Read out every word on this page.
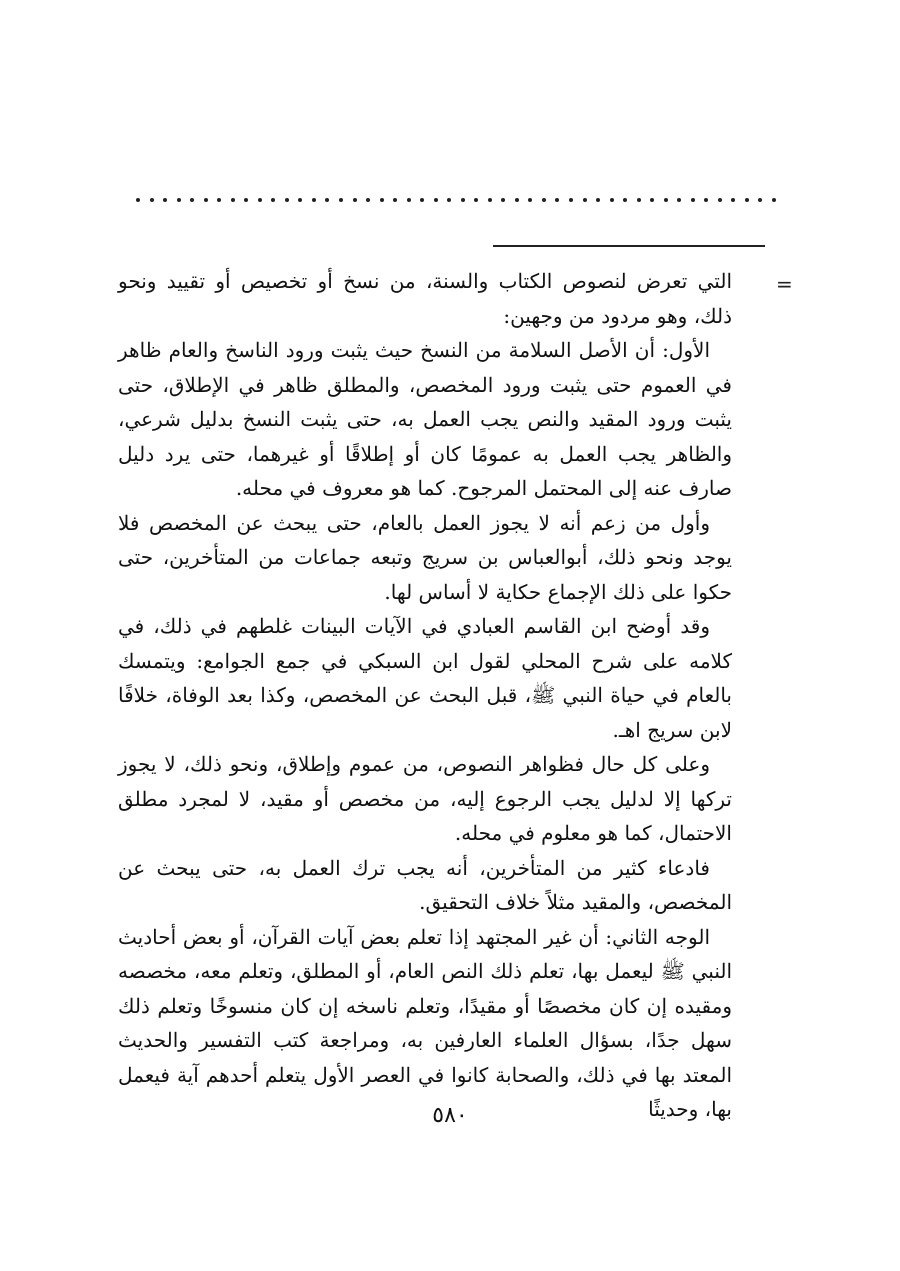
=

التي تعرض لنصوص الكتاب والسنة، من نسخ أو تخصيص أو تقييد ونحو ذلك، وهو مردود من وجهين:

الأول: أن الأصل السلامة من النسخ حيث يثبت ورود الناسخ والعام ظاهر في العموم حتى يثبت ورود المخصص، والمطلق ظاهر في الإطلاق، حتى يثبت ورود المقيد والنص يجب العمل به، حتى يثبت النسخ بدليل شرعي، والظاهر يجب العمل به عمومًا كان أو إطلاقًا أو غيرهما، حتى يرد دليل صارف عنه إلى المحتمل المرجوح. كما هو معروف في محله.

وأول من زعم أنه لا يجوز العمل بالعام، حتى يبحث عن المخصص فلا يوجد ونحو ذلك، أبوالعباس بن سريج وتبعه جماعات من المتأخرين، حتى حكوا على ذلك الإجماع حكاية لا أساس لها.

وقد أوضح ابن القاسم العبادي في الآيات البينات غلطهم في ذلك، في كلامه على شرح المحلي لقول ابن السبكي في جمع الجوامع: ويتمسك بالعام في حياة النبي ﷺ، قبل البحث عن المخصص، وكذا بعد الوفاة، خلافًا لابن سريج اهـ.

وعلى كل حال فظواهر النصوص، من عموم وإطلاق، ونحو ذلك، لا يجوز تركها إلا لدليل يجب الرجوع إليه، من مخصص أو مقيد، لا لمجرد مطلق الاحتمال، كما هو معلوم في محله.

فادعاء كثير من المتأخرين، أنه يجب ترك العمل به، حتى يبحث عن المخصص، والمقيد مثلاً خلاف التحقيق.

الوجه الثاني: أن غير المجتهد إذا تعلم بعض آيات القرآن، أو بعض أحاديث النبي ﷺ ليعمل بها، تعلم ذلك النص العام، أو المطلق، وتعلم معه، مخصصه ومقيده إن كان مخصصًا أو مقيدًا، وتعلم ناسخه إن كان منسوخًا وتعلم ذلك سهل جدًا، بسؤال العلماء العارفين به، ومراجعة كتب التفسير والحديث المعتد بها في ذلك، والصحابة كانوا في العصر الأول يتعلم أحدهم آية فيعمل بها، وحديثًا

٥٨٠
